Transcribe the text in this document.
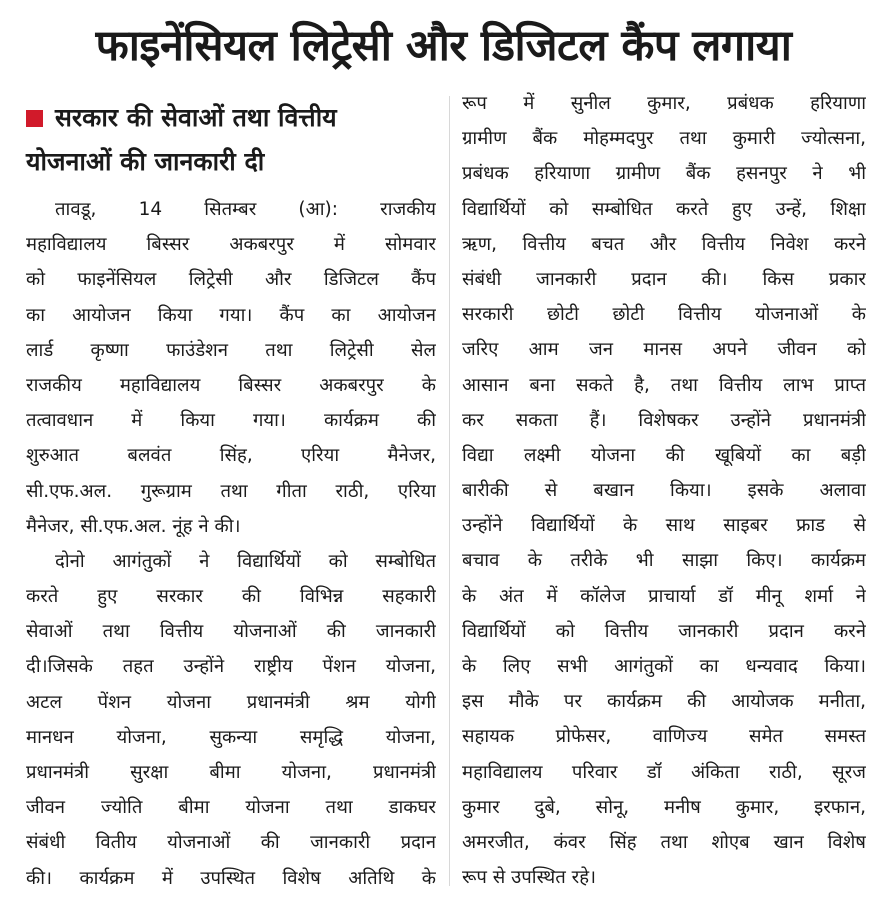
फाइनेंसियल लिट्रेसी और डिजिटल कैंप लगाया
सरकार की सेवाओं तथा वित्तीय
योजनाओं की जानकारी दी
तावडू, 14 सितम्बर (आ): राजकीय
महाविद्यालय बिस्सर अकबरपुर में सोमवार
को फाइनेंसियल लिट्रेसी और डिजिटल कैंप
का आयोजन किया गया। कैंप का आयोजन
लार्ड कृष्णा फाउंडेशन तथा लिट्रेसी सेल
राजकीय महाविद्यालय बिस्सर अकबरपुर के
तत्वावधान में किया गया। कार्यक्रम की
शुरुआत बलवंत सिंह, एरिया मैनेजर,
सी.एफ.अल. गुरूग्राम तथा गीता राठी, एरिया
मैनेजर, सी.एफ.अल. नूंह ने की।
दोनो आगंतुकों ने विद्यार्थियों को सम्बोधित
करते हुए सरकार की विभिन्न सहकारी
सेवाओं तथा वित्तीय योजनाओं की जानकारी
दी।जिसके तहत उन्होंने राष्ट्रीय पेंशन योजना,
अटल पेंशन योजना प्रधानमंत्री श्रम योगी
मानधन योजना, सुकन्या समृद्धि योजना,
प्रधानमंत्री सुरक्षा बीमा योजना, प्रधानमंत्री
जीवन ज्योति बीमा योजना तथा डाकघर
संबंधी वितीय योजनाओं की जानकारी प्रदान
की। कार्यक्रम में उपस्थित विशेष अतिथि के
रूप में सुनील कुमार, प्रबंधक हरियाणा
ग्रामीण बैंक मोहम्मदपुर तथा कुमारी ज्योत्सना,
प्रबंधक हरियाणा ग्रामीण बैंक हसनपुर ने भी
विद्यार्थियों को सम्बोधित करते हुए उन्हें, शिक्षा
ऋण, वित्तीय बचत और वित्तीय निवेश करने
संबंधी जानकारी प्रदान की। किस प्रकार
सरकारी छोटी छोटी वित्तीय योजनाओं के
जरिए आम जन मानस अपने जीवन को
आसान बना सकते है, तथा वित्तीय लाभ प्राप्त
कर सकता हैं। विशेषकर उन्होंने प्रधानमंत्री
विद्या लक्ष्मी योजना की खूबियों का बड़ी
बारीकी से बखान किया। इसके अलावा
उन्होंने विद्यार्थियों के साथ साइबर फ्राड से
बचाव के तरीके भी साझा किए। कार्यक्रम
के अंत में कॉलेज प्राचार्या डॉ मीनू शर्मा ने
विद्यार्थियों को वित्तीय जानकारी प्रदान करने
के लिए सभी आगंतुकों का धन्यवाद किया।
इस मौके पर कार्यक्रम की आयोजक मनीता,
सहायक प्रोफेसर, वाणिज्य समेत समस्त
महाविद्यालय परिवार डॉ अंकिता राठी, सूरज
कुमार दुबे, सोनू, मनीष कुमार, इरफान,
अमरजीत, कंवर सिंह तथा शोएब खान विशेष
रूप से उपस्थित रहे।
